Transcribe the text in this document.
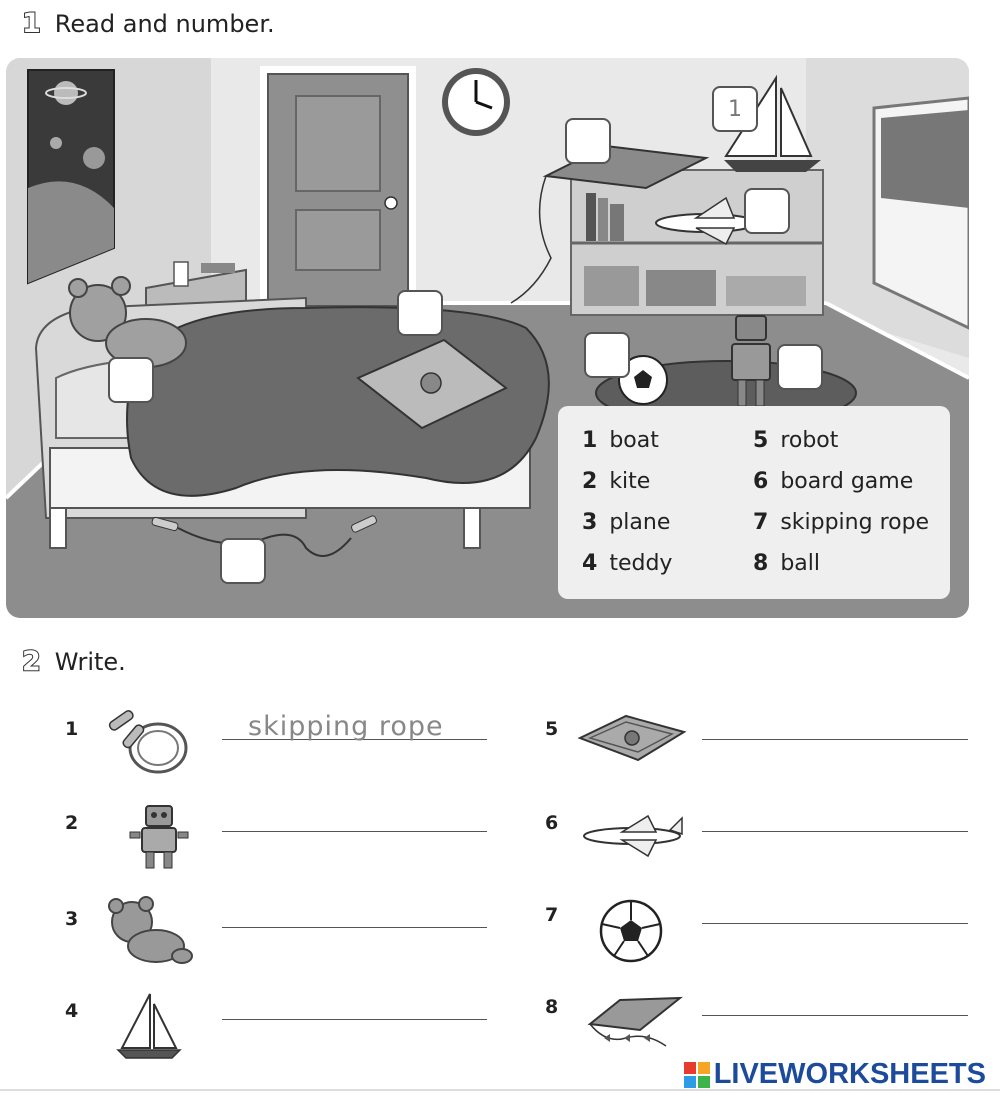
1 Read and number.
1
1 boat
2 kite
3 plane
4 teddy
5 robot
6 board game
7 skipping rope
8 ball
2 Write.
1	skipping rope
2
3
4
5
6
7
8
LIVEWORKSHEETS
